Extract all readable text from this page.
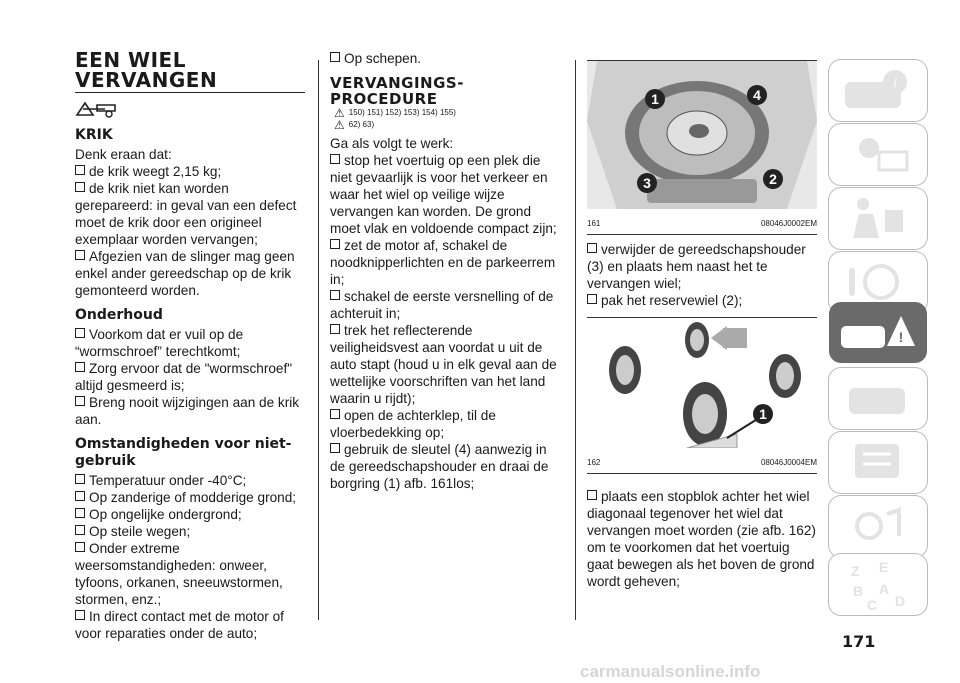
EEN WIEL
VERVANGEN
KRIK

Denk eraan dat:

de krik weegt 2,15 kg;

de krik niet kan worden gerepareerd: in geval van een defect moet de krik door een origineel exemplaar worden vervangen;

Afgezien van de slinger mag geen enkel ander gereedschap op de krik gemonteerd worden.

Onderhoud

Voorkom dat er vuil op de “wormschroef” terechtkomt;

Zorg ervoor dat de "wormschroef" altijd gesmeerd is;

Breng nooit wijzigingen aan de krik aan.

Omstandigheden voor niet-gebruik

Temperatuur onder -40°C;

Op zanderige of modderige grond;

Op ongelijke ondergrond;

Op steile wegen;

Onder extreme weersomstandigheden: onweer, tyfoons, orkanen, sneeuwstormen, stormen, enz.;

In direct contact met de motor of voor reparaties onder de auto;

Op schepen.

VERVANGINGS-
PROCEDURE
⚠ 150) 151) 152) 153) 154) 155)
⚠ 62) 63)

Ga als volgt te werk:

stop het voertuig op een plek die niet gevaarlijk is voor het verkeer en waar het wiel op veilige wijze vervangen kan worden. De grond moet vlak en voldoende compact zijn;

zet de motor af, schakel de noodknipperlichten en de parkeerrem in;

schakel de eerste versnelling of de achteruit in;

trek het reflecterende veiligheidsvest aan voordat u uit de auto stapt (houd u in elk geval aan de wettelijke voorschriften van het land waarin u rijdt);

open de achterklep, til de vloerbedekking op;

gebruik de sleutel (4) aanwezig in de gereedschapshouder en draai de borgring (1) afb. 161los;

1	4
3	2
161	08046J0002EM

verwijder de gereedschapshouder (3) en plaats hem naast het te vervangen wiel;

pak het reservewiel (2);

1
162	08046J0004EM

plaats een stopblok achter het wiel diagonaal tegenover het wiel dat vervangen moet worden (zie afb. 162) om te voorkomen dat het voertuig gaat bewegen als het boven de grond wordt geheven;

i
!
Z E
B A
C D
171
carmanualsonline.info
